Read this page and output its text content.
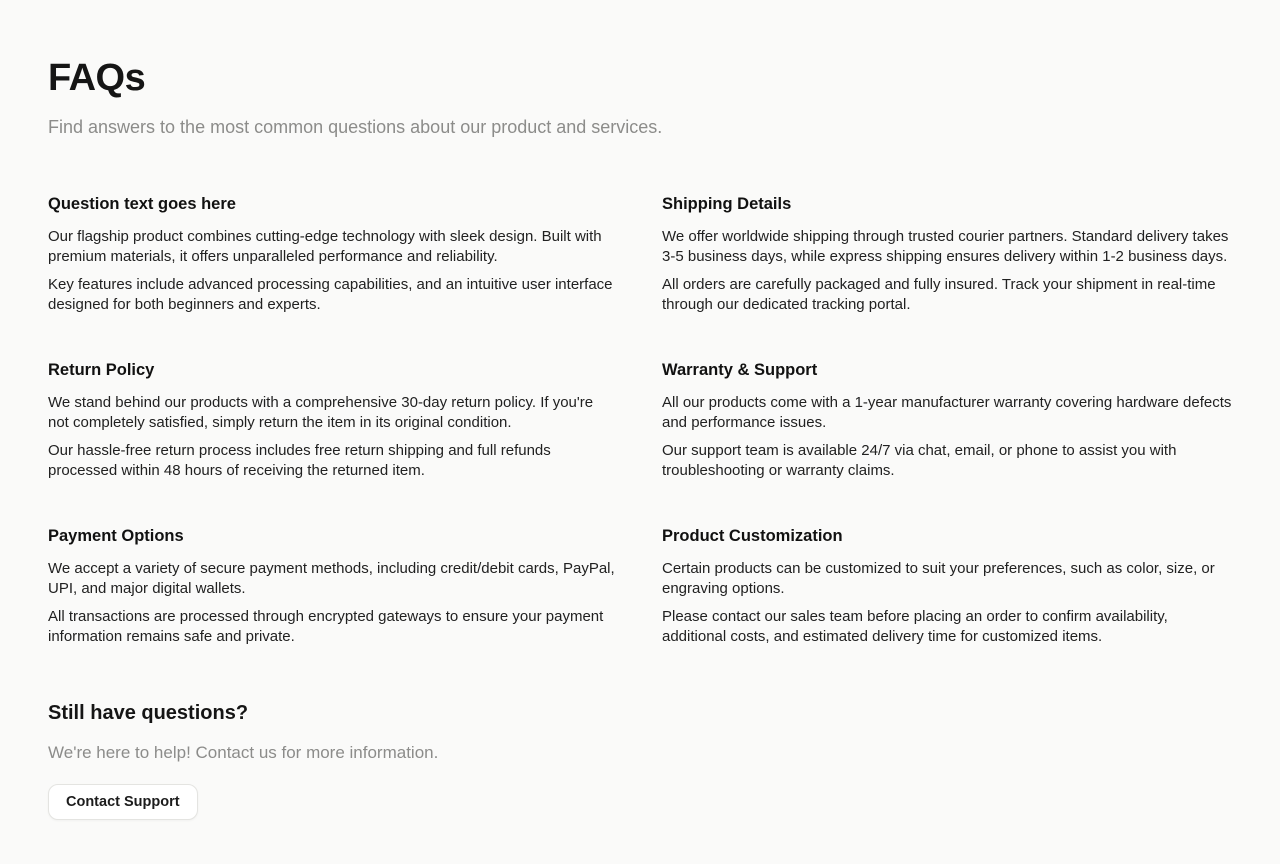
FAQs

Find answers to the most common questions about our product and services.

Question text goes here

Our flagship product combines cutting-edge technology with sleek design. Built with premium materials, it offers unparalleled performance and reliability.

Key features include advanced processing capabilities, and an intuitive user interface designed for both beginners and experts.

Shipping Details

We offer worldwide shipping through trusted courier partners. Standard delivery takes 3-5 business days, while express shipping ensures delivery within 1-2 business days.

All orders are carefully packaged and fully insured. Track your shipment in real-time through our dedicated tracking portal.

Return Policy

We stand behind our products with a comprehensive 30-day return policy. If you're not completely satisfied, simply return the item in its original condition.

Our hassle-free return process includes free return shipping and full refunds processed within 48 hours of receiving the returned item.

Warranty & Support

All our products come with a 1-year manufacturer warranty covering hardware defects and performance issues.

Our support team is available 24/7 via chat, email, or phone to assist you with troubleshooting or warranty claims.

Payment Options

We accept a variety of secure payment methods, including credit/debit cards, PayPal, UPI, and major digital wallets.

All transactions are processed through encrypted gateways to ensure your payment information remains safe and private.

Product Customization

Certain products can be customized to suit your preferences, such as color, size, or engraving options.

Please contact our sales team before placing an order to confirm availability, additional costs, and estimated delivery time for customized items.

Still have questions?

We're here to help! Contact us for more information.

Contact Support
